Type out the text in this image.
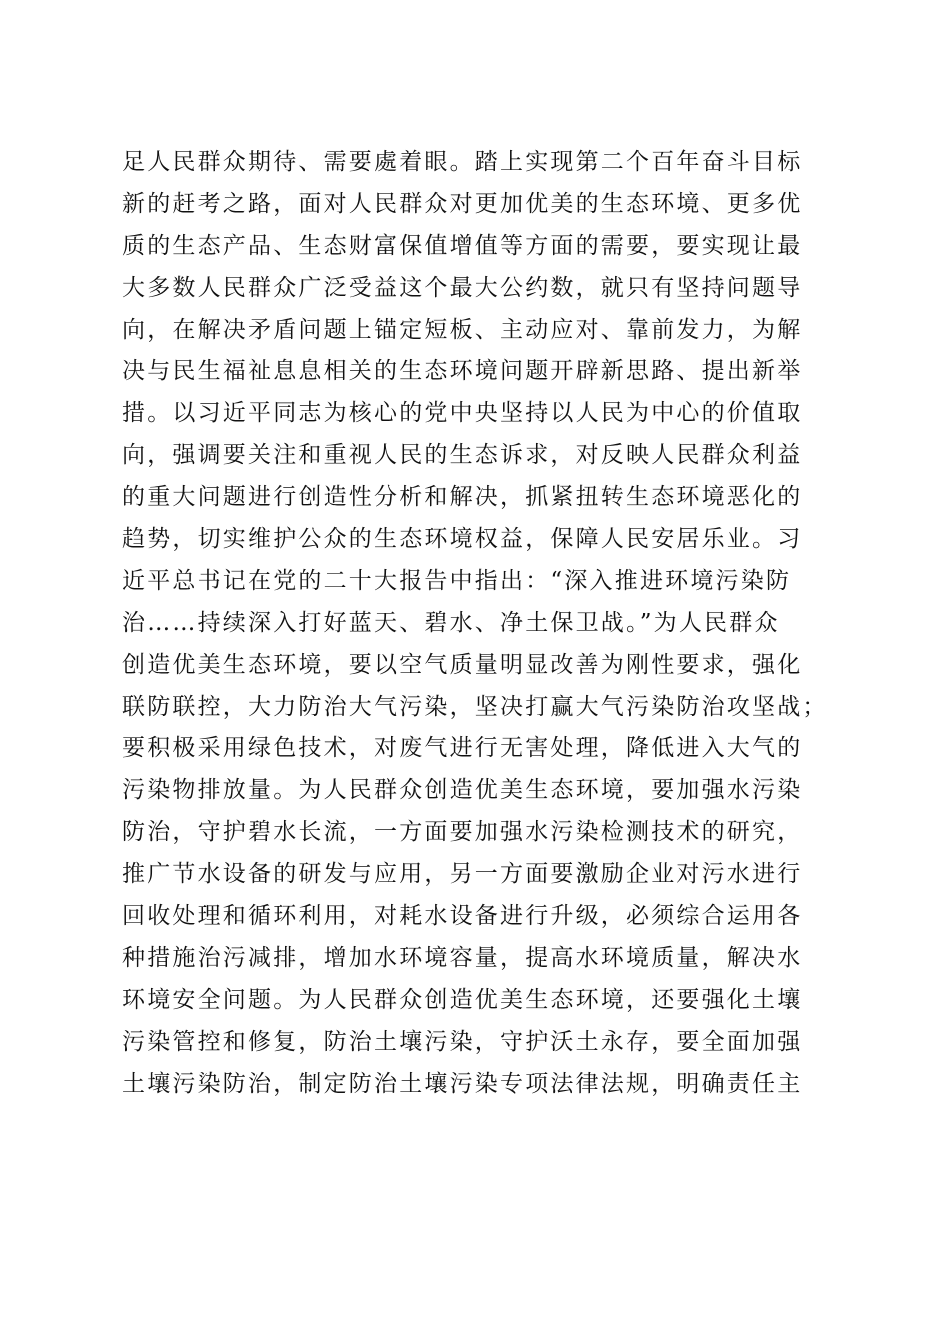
足人民群众期待、需要處着眼。踏上实现第二个百年奋斗目标
新的赶考之路，面对人民群众对更加优美的生态环境、更多优
质的生态产品、生态财富保值增值等方面的需要，要实现让最
大多数人民群众广泛受益这个最大公约数，就只有坚持问题导
向，在解决矛盾问题上锚定短板、主动应对、靠前发力，为解
决与民生福祉息息相关的生态环境问题开辟新思路、提出新举
措。以习近平同志为核心的党中央坚持以人民为中心的价值取
向，强调要关注和重视人民的生态诉求，对反映人民群众利益
的重大问题进行创造性分析和解决，抓紧扭转生态环境恶化的
趋势，切实维护公众的生态环境权益，保障人民安居乐业。习
近平总书记在党的二十大报告中指出：“深入推进环境污染防
治……持续深入打好蓝天、碧水、净土保卫战。”为人民群众
创造优美生态环境，要以空气质量明显改善为刚性要求，强化
联防联控，大力防治大气污染，坚决打赢大气污染防治攻坚战；
要积极采用绿色技术，对废气进行无害处理，降低进入大气的
污染物排放量。为人民群众创造优美生态环境，要加强水污染
防治，守护碧水长流，一方面要加强水污染检测技术的研究，
推广节水设备的研发与应用，另一方面要激励企业对污水进行
回收处理和循环利用，对耗水设备进行升级，必须综合运用各
种措施治污减排，增加水环境容量，提高水环境质量，解决水
环境安全问题。为人民群众创造优美生态环境，还要强化土壤
污染管控和修复，防治土壤污染，守护沃土永存，要全面加强
土壤污染防治，制定防治土壤污染专项法律法规，明确责任主
